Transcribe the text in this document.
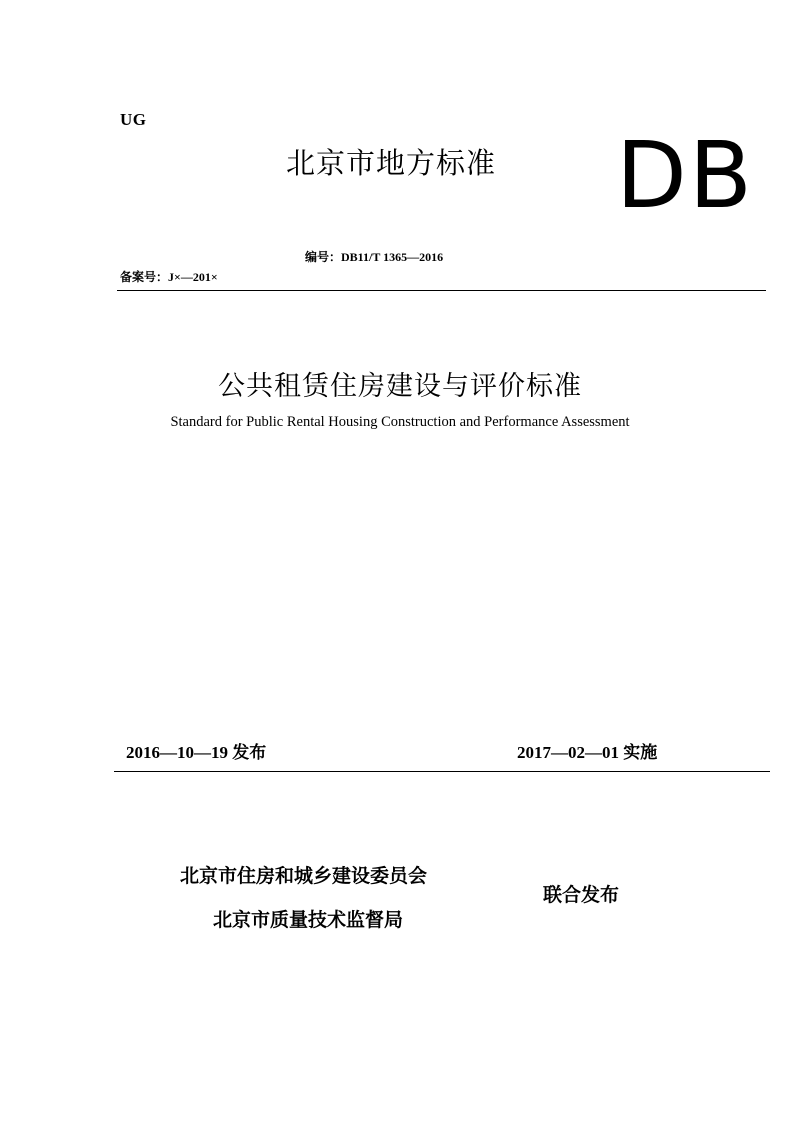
UG
北京市地方标准 DB
编号：DB11/T 1365—2016
备案号：J×—201×
公共租赁住房建设与评价标准
Standard for Public Rental Housing Construction and Performance Assessment
2016—10—19 发布	2017—02—01 实施
北京市住房和城乡建设委员会
北京市质量技术监督局
联合发布
